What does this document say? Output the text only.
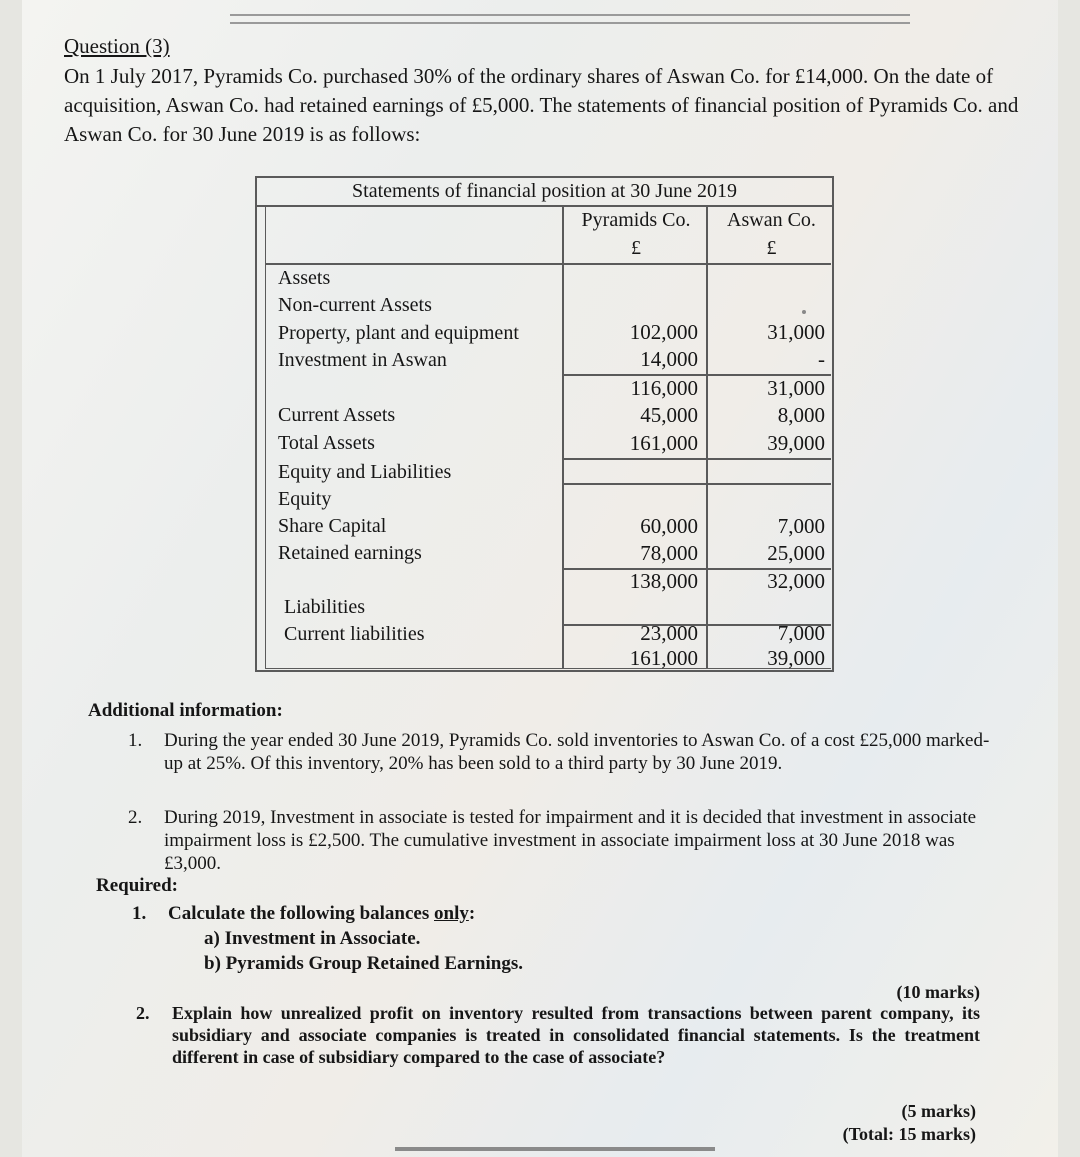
Question (3)
On 1 July 2017, Pyramids Co. purchased 30% of the ordinary shares of Aswan Co. for £14,000. On the date of acquisition, Aswan Co. had retained earnings of £5,000. The statements of financial position of Pyramids Co. and Aswan Co. for 30 June 2019 is as follows:
Statements of financial position at 30 June 2019
Pyramids Co.	Aswan Co.
£	£
Assets
Non-current Assets
Property, plant and equipment
Investment in Aswan
Current Assets
Total Assets
Equity and Liabilities
Equity
Share Capital
Retained earnings
Liabilities
Current liabilities
102,000
14,000
116,000
45,000
161,000
60,000
78,000
138,000
23,000
161,000
31,000
-
31,000
8,000
39,000
7,000
25,000
32,000
7,000
39,000
Additional information:
1. During the year ended 30 June 2019, Pyramids Co. sold inventories to Aswan Co. of a cost £25,000 marked-up at 25%. Of this inventory, 20% has been sold to a third party by 30 June 2019.
2. During 2019, Investment in associate is tested for impairment and it is decided that investment in associate impairment loss is £2,500. The cumulative investment in associate impairment loss at 30 June 2018 was £3,000.
Required:
1. Calculate the following balances only:
a) Investment in Associate.
b) Pyramids Group Retained Earnings.
(10 marks)
2. Explain how unrealized profit on inventory resulted from transactions between parent company, its subsidiary and associate companies is treated in consolidated financial statements. Is the treatment different in case of subsidiary compared to the case of associate?
(5 marks)
(Total: 15 marks)
